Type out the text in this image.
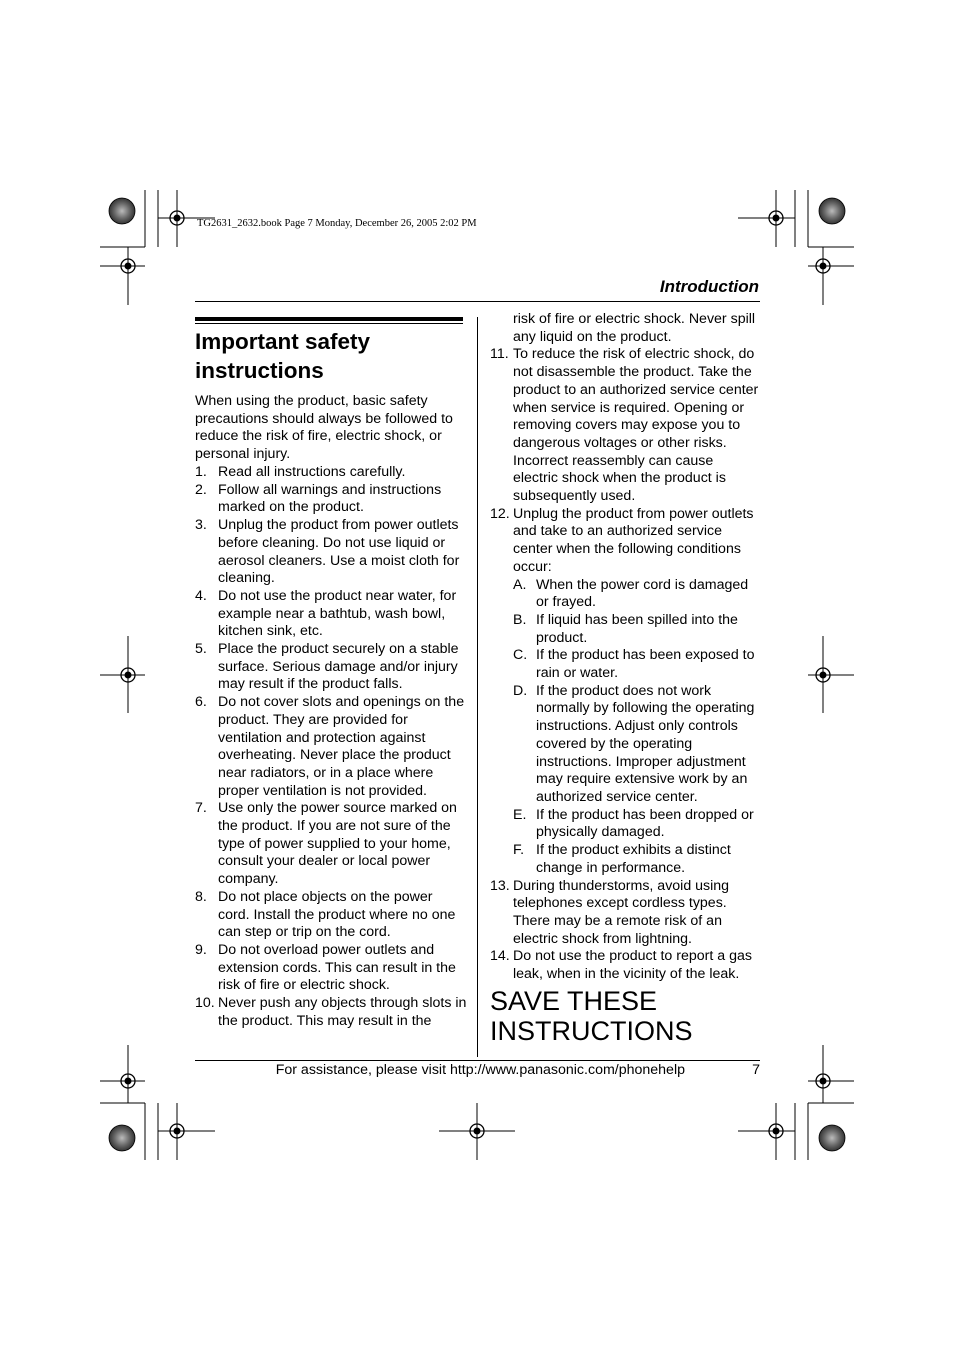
TG2631_2632.book Page 7 Monday, December 26, 2005 2:02 PM
Introduction
Important safety instructions
When using the product, basic safety precautions should always be followed to reduce the risk of fire, electric shock, or personal injury.
1. Read all instructions carefully.
2. Follow all warnings and instructions marked on the product.
3. Unplug the product from power outlets before cleaning. Do not use liquid or aerosol cleaners. Use a moist cloth for cleaning.
4. Do not use the product near water, for example near a bathtub, wash bowl, kitchen sink, etc.
5. Place the product securely on a stable surface. Serious damage and/or injury may result if the product falls.
6. Do not cover slots and openings on the product. They are provided for ventilation and protection against overheating. Never place the product near radiators, or in a place where proper ventilation is not provided.
7. Use only the power source marked on the product. If you are not sure of the type of power supplied to your home, consult your dealer or local power company.
8. Do not place objects on the power cord. Install the product where no one can step or trip on the cord.
9. Do not overload power outlets and extension cords. This can result in the risk of fire or electric shock.
10. Never push any objects through slots in the product. This may result in the
risk of fire or electric shock. Never spill any liquid on the product.
11. To reduce the risk of electric shock, do not disassemble the product. Take the product to an authorized service center when service is required. Opening or removing covers may expose you to dangerous voltages or other risks. Incorrect reassembly can cause electric shock when the product is subsequently used.
12. Unplug the product from power outlets and take to an authorized service center when the following conditions occur:
A. When the power cord is damaged or frayed.
B. If liquid has been spilled into the product.
C. If the product has been exposed to rain or water.
D. If the product does not work normally by following the operating instructions. Adjust only controls covered by the operating instructions. Improper adjustment may require extensive work by an authorized service center.
E. If the product has been dropped or physically damaged.
F. If the product exhibits a distinct change in performance.
13. During thunderstorms, avoid using telephones except cordless types. There may be a remote risk of an electric shock from lightning.
14. Do not use the product to report a gas leak, when in the vicinity of the leak.
SAVE THESE INSTRUCTIONS
For assistance, please visit http://www.panasonic.com/phonehelp	7
